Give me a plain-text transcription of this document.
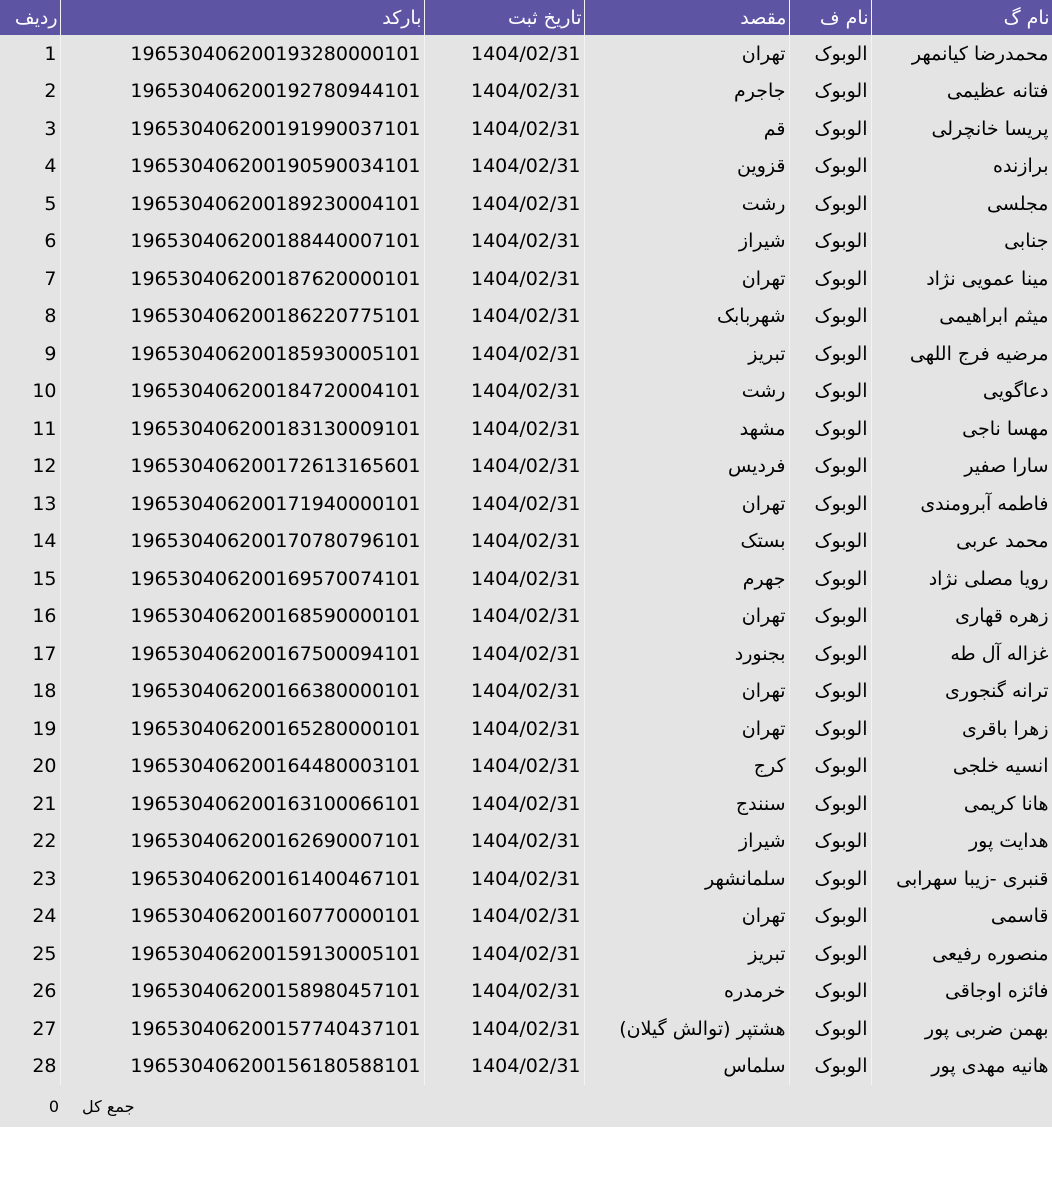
ردیف	بارکد	تاریخ ثبت	مقصد	نام ف	نام گ
1	196530406200193280000101	1404/02/31	تهران	الوبوک	محمدرضا کیانمهر
2	196530406200192780944101	1404/02/31	جاجرم	الوبوک	فتانه عظیمی
3	196530406200191990037101	1404/02/31	قم	الوبوک	پریسا خانچرلی
4	196530406200190590034101	1404/02/31	قزوین	الوبوک	برازنده
5	196530406200189230004101	1404/02/31	رشت	الوبوک	مجلسی
6	196530406200188440007101	1404/02/31	شیراز	الوبوک	جنابی
7	196530406200187620000101	1404/02/31	تهران	الوبوک	مینا عمویی نژاد
8	196530406200186220775101	1404/02/31	شهربابک	الوبوک	میثم ابراهیمی
9	196530406200185930005101	1404/02/31	تبریز	الوبوک	مرضیه فرج اللهی
10	196530406200184720004101	1404/02/31	رشت	الوبوک	دعاگویی
11	196530406200183130009101	1404/02/31	مشهد	الوبوک	مهسا ناجی
12	196530406200172613165601	1404/02/31	فردیس	الوبوک	سارا صفیر
13	196530406200171940000101	1404/02/31	تهران	الوبوک	فاطمه آبرومندی
14	196530406200170780796101	1404/02/31	بستک	الوبوک	محمد عربی
15	196530406200169570074101	1404/02/31	جهرم	الوبوک	رویا مصلی نژاد
16	196530406200168590000101	1404/02/31	تهران	الوبوک	زهره قهاری
17	196530406200167500094101	1404/02/31	بجنورد	الوبوک	غزاله آل طه
18	196530406200166380000101	1404/02/31	تهران	الوبوک	ترانه گنجوری
19	196530406200165280000101	1404/02/31	تهران	الوبوک	زهرا باقری
20	196530406200164480003101	1404/02/31	کرج	الوبوک	انسیه خلجی
21	196530406200163100066101	1404/02/31	سنندج	الوبوک	هانا کریمی
22	196530406200162690007101	1404/02/31	شیراز	الوبوک	هدایت پور
23	196530406200161400467101	1404/02/31	سلمانشهر	الوبوک	قنبری -زیبا سهرابی
24	196530406200160770000101	1404/02/31	تهران	الوبوک	قاسمی
25	196530406200159130005101	1404/02/31	تبریز	الوبوک	منصوره رفیعی
26	196530406200158980457101	1404/02/31	خرمدره	الوبوک	فائزه اوجاقی
27	196530406200157740437101	1404/02/31	هشتپر (توالش گیلان)	الوبوک	بهمن ضربی پور
28	196530406200156180588101	1404/02/31	سلماس	الوبوک	هانیه مهدی پور
0	جمع کل				
